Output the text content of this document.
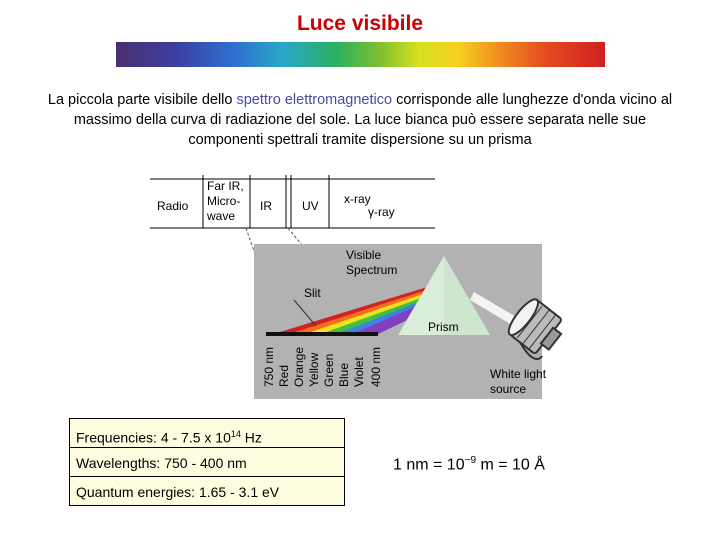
Luce visibile
La piccola parte visibile dello spettro elettromagnetico corrisponde alle lunghezze d'onda vicino al massimo della curva di radiazione del sole. La luce bianca può essere separata nelle sue componenti spettrali tramite dispersione su un prisma
Radio
Far IR,
Micro-
wave
IR	UV x-ray
γ-ray
Visible
Spectrum
Slit
Prism
White light
source
750 nm Red Orange Yellow Green Blue Violet 400 nm
Frequencies: 4 - 7.5 x $10^{14}$ Hz
Wavelengths: 750 - 400 nm
Quantum energies: 1.65 - 3.1 eV
1 nm = $10^{-9}$ m = 10 Å
